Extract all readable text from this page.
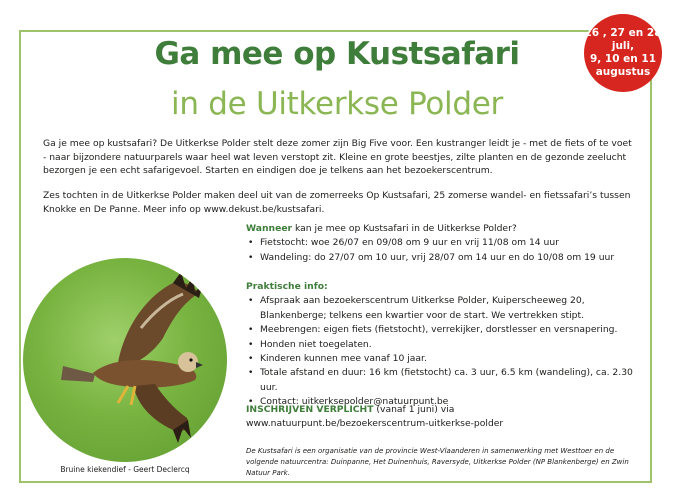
Ga mee op Kustsafari
in de Uitkerkse Polder
26 , 27 en 28
juli,
9, 10 en 11
augustus

Ga je mee op kustsafari? De Uitkerkse Polder stelt deze zomer zijn Big Five voor. Een kustranger leidt je - met de fiets of te voet - naar bijzondere natuurparels waar heel wat leven verstopt zit. Kleine en grote beestjes, zilte planten en de gezonde zeelucht bezorgen je een echt safarigevoel. Starten en eindigen doe je telkens aan het bezoekerscentrum.

Zes tochten in de Uitkerkse Polder maken deel uit van de zomerreeks Op Kustsafari, 25 zomerse wandel- en fietssafari’s tussen Knokke en De Panne. Meer info op www.dekust.be/kustsafari.

Bruine kiekendief - Geert Declercq
Wanneer kan je mee op Kustsafari in de Uitkerkse Polder?
• Fietstocht: woe 26/07 en 09/08 om 9 uur en vrij 11/08 om 14 uur
• Wandeling: do 27/07 om 10 uur, vrij 28/07 om 14 uur en do 10/08 om 19 uur
Praktische info:
• Afspraak aan bezoekerscentrum Uitkerkse Polder, Kuiperscheeweg 20, Blankenberge; telkens een kwartier voor de start. We vertrekken stipt.
• Meebrengen: eigen fiets (fietstocht), verrekijker, dorstlesser en versnapering.
• Honden niet toegelaten.
• Kinderen kunnen mee vanaf 10 jaar.
• Totale afstand en duur: 16 km (fietstocht) ca. 3 uur, 6.5 km (wandeling), ca. 2.30 uur.
• Contact: uitkerksepolder@natuurpunt.be
INSCHRIJVEN VERPLICHT (vanaf 1 juni) via
www.natuurpunt.be/bezoekerscentrum-uitkerkse-polder
De Kustsafari is een organisatie van de provincie West-Vlaanderen in samenwerking met Westtoer en de volgende natuurcentra: Duinpanne, Het Duinenhuis, Raversyde, Uitkerkse Polder (NP Blankenberge) en Zwin Natuur Park.
